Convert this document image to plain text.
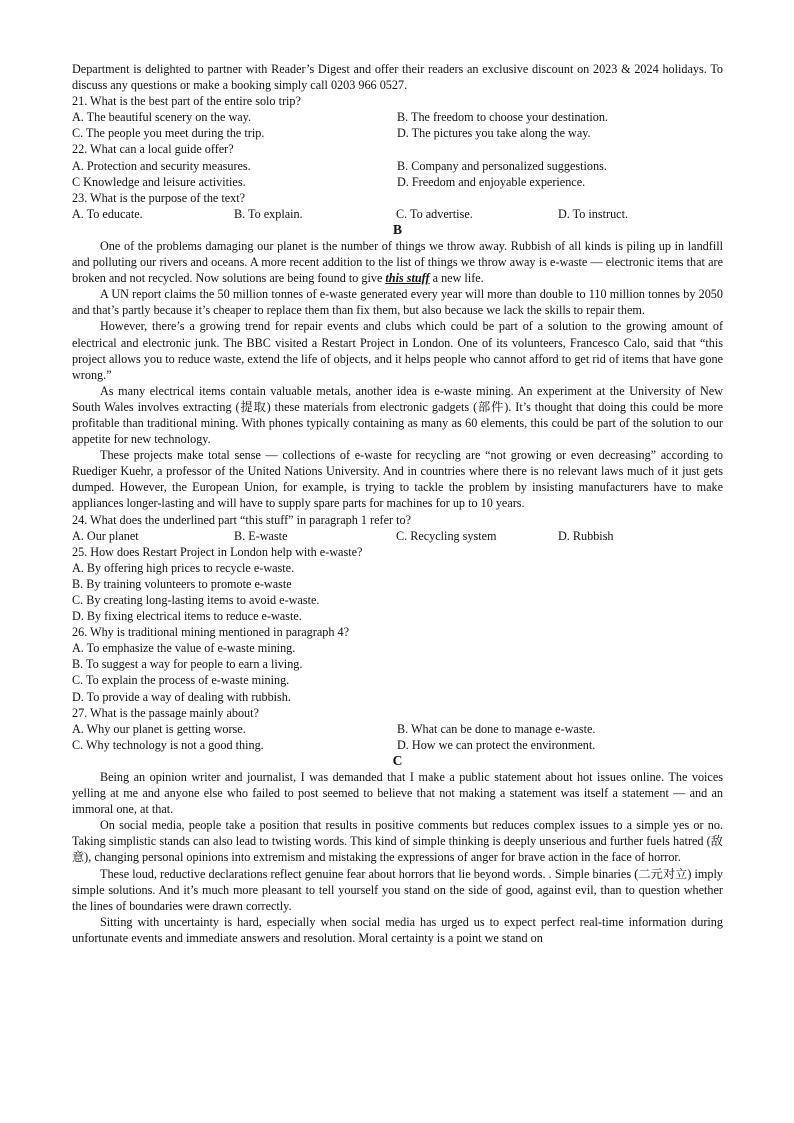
Department is delighted to partner with Reader’s Digest and offer their readers an exclusive discount on 2023 & 2024 holidays. To discuss any questions or make a booking simply call 0203 966 0527.

21. What is the best part of the entire solo trip?

A. The beautiful scenery on the way.	B. The freedom to choose your destination.
C. The people you meet during the trip.	D. The pictures you take along the way.

22. What can a local guide offer?

A. Protection and security measures.	B. Company and personalized suggestions.
C Knowledge and leisure activities.	D. Freedom and enjoyable experience.

23. What is the purpose of the text?

A. To educate.	B. To explain.	C. To advertise.	D. To instruct.

B

One of the problems damaging our planet is the number of things we throw away. Rubbish of all kinds is piling up in landfill and polluting our rivers and oceans. A more recent addition to the list of things we throw away is e-waste — electronic items that are broken and not recycled. Now solutions are being found to give this stuff a new life.

A UN report claims the 50 million tonnes of e-waste generated every year will more than double to 110 million tonnes by 2050 and that’s partly because it’s cheaper to replace them than fix them, but also because we lack the skills to repair them.

However, there’s a growing trend for repair events and clubs which could be part of a solution to the growing amount of electrical and electronic junk. The BBC visited a Restart Project in London. One of its volunteers, Francesco Calo, said that “this project allows you to reduce waste, extend the life of objects, and it helps people who cannot afford to get rid of items that have gone wrong.”

As many electrical items contain valuable metals, another idea is e-waste mining. An experiment at the University of New South Wales involves extracting (提取) these materials from electronic gadgets (部件). It’s thought that doing this could be more profitable than traditional mining. With phones typically containing as many as 60 elements, this could be part of the solution to our appetite for new technology.

These projects make total sense — collections of e-waste for recycling are “not growing or even decreasing” according to Ruediger Kuehr, a professor of the United Nations University. And in countries where there is no relevant laws much of it just gets dumped. However, the European Union, for example, is trying to tackle the problem by insisting manufacturers have to make appliances longer-lasting and will have to supply spare parts for machines for up to 10 years.

24. What does the underlined part “this stuff” in paragraph 1 refer to?

A. Our planet	B. E-waste	C. Recycling system	D. Rubbish

25. How does Restart Project in London help with e-waste?

A. By offering high prices to recycle e-waste.

B. By training volunteers to promote e-waste

C. By creating long-lasting items to avoid e-waste.

D. By fixing electrical items to reduce e-waste.

26. Why is traditional mining mentioned in paragraph 4?

A. To emphasize the value of e-waste mining.

B. To suggest a way for people to earn a living.

C. To explain the process of e-waste mining.

D. To provide a way of dealing with rubbish.

27. What is the passage mainly about?

A. Why our planet is getting worse.	B. What can be done to manage e-waste.
C. Why technology is not a good thing.	D. How we can protect the environment.

C

Being an opinion writer and journalist, I was demanded that I make a public statement about hot issues online. The voices yelling at me and anyone else who failed to post seemed to believe that not making a statement was itself a statement — and an immoral one, at that.

On social media, people take a position that results in positive comments but reduces complex issues to a simple yes or no. Taking simplistic stands can also lead to twisting words. This kind of simple thinking is deeply unserious and further fuels hatred (敌意), changing personal opinions into extremism and mistaking the expressions of anger for brave action in the face of horror.

These loud, reductive declarations reflect genuine fear about horrors that lie beyond words. . Simple binaries (二元对立) imply simple solutions. And it’s much more pleasant to tell yourself you stand on the side of good, against evil, than to question whether the lines of boundaries were drawn correctly.

Sitting with uncertainty is hard, especially when social media has urged us to expect perfect real-time information during unfortunate events and immediate answers and resolution. Moral certainty is a point we stand on
